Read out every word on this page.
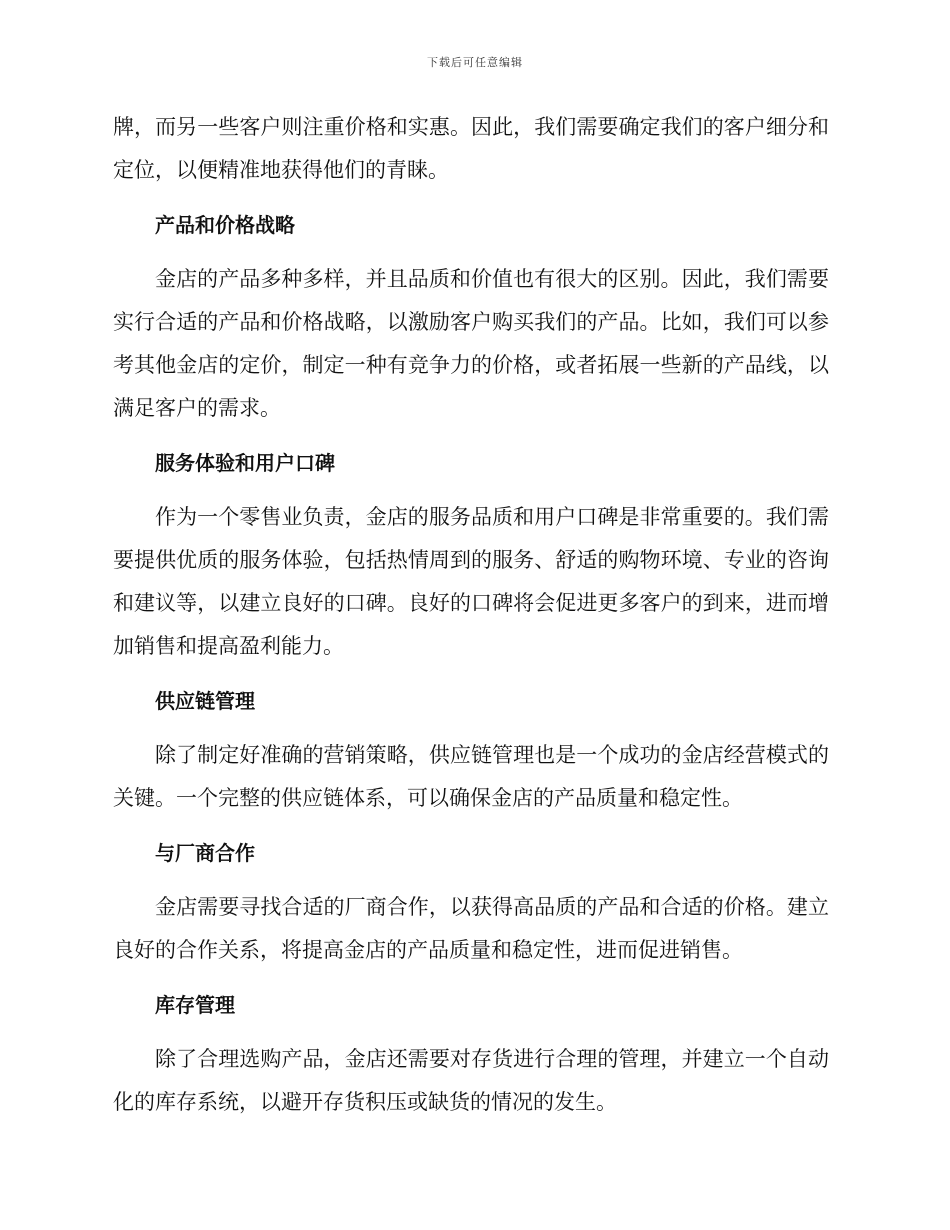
下载后可任意编辑

牌，而另一些客户则注重价格和实惠。因此，我们需要确定我们的客户细分和定位，以便精准地获得他们的青睐。

产品和价格战略

金店的产品多种多样，并且品质和价值也有很大的区别。因此，我们需要实行合适的产品和价格战略，以激励客户购买我们的产品。比如，我们可以参考其他金店的定价，制定一种有竞争力的价格，或者拓展一些新的产品线，以满足客户的需求。

服务体验和用户口碑

作为一个零售业负责，金店的服务品质和用户口碑是非常重要的。我们需要提供优质的服务体验，包括热情周到的服务、舒适的购物环境、专业的咨询和建议等，以建立良好的口碑。良好的口碑将会促进更多客户的到来，进而增加销售和提高盈利能力。

供应链管理

除了制定好准确的营销策略，供应链管理也是一个成功的金店经营模式的关键。一个完整的供应链体系，可以确保金店的产品质量和稳定性。

与厂商合作

金店需要寻找合适的厂商合作，以获得高品质的产品和合适的价格。建立良好的合作关系，将提高金店的产品质量和稳定性，进而促进销售。

库存管理

除了合理选购产品，金店还需要对存货进行合理的管理，并建立一个自动化的库存系统，以避开存货积压或缺货的情况的发生。
